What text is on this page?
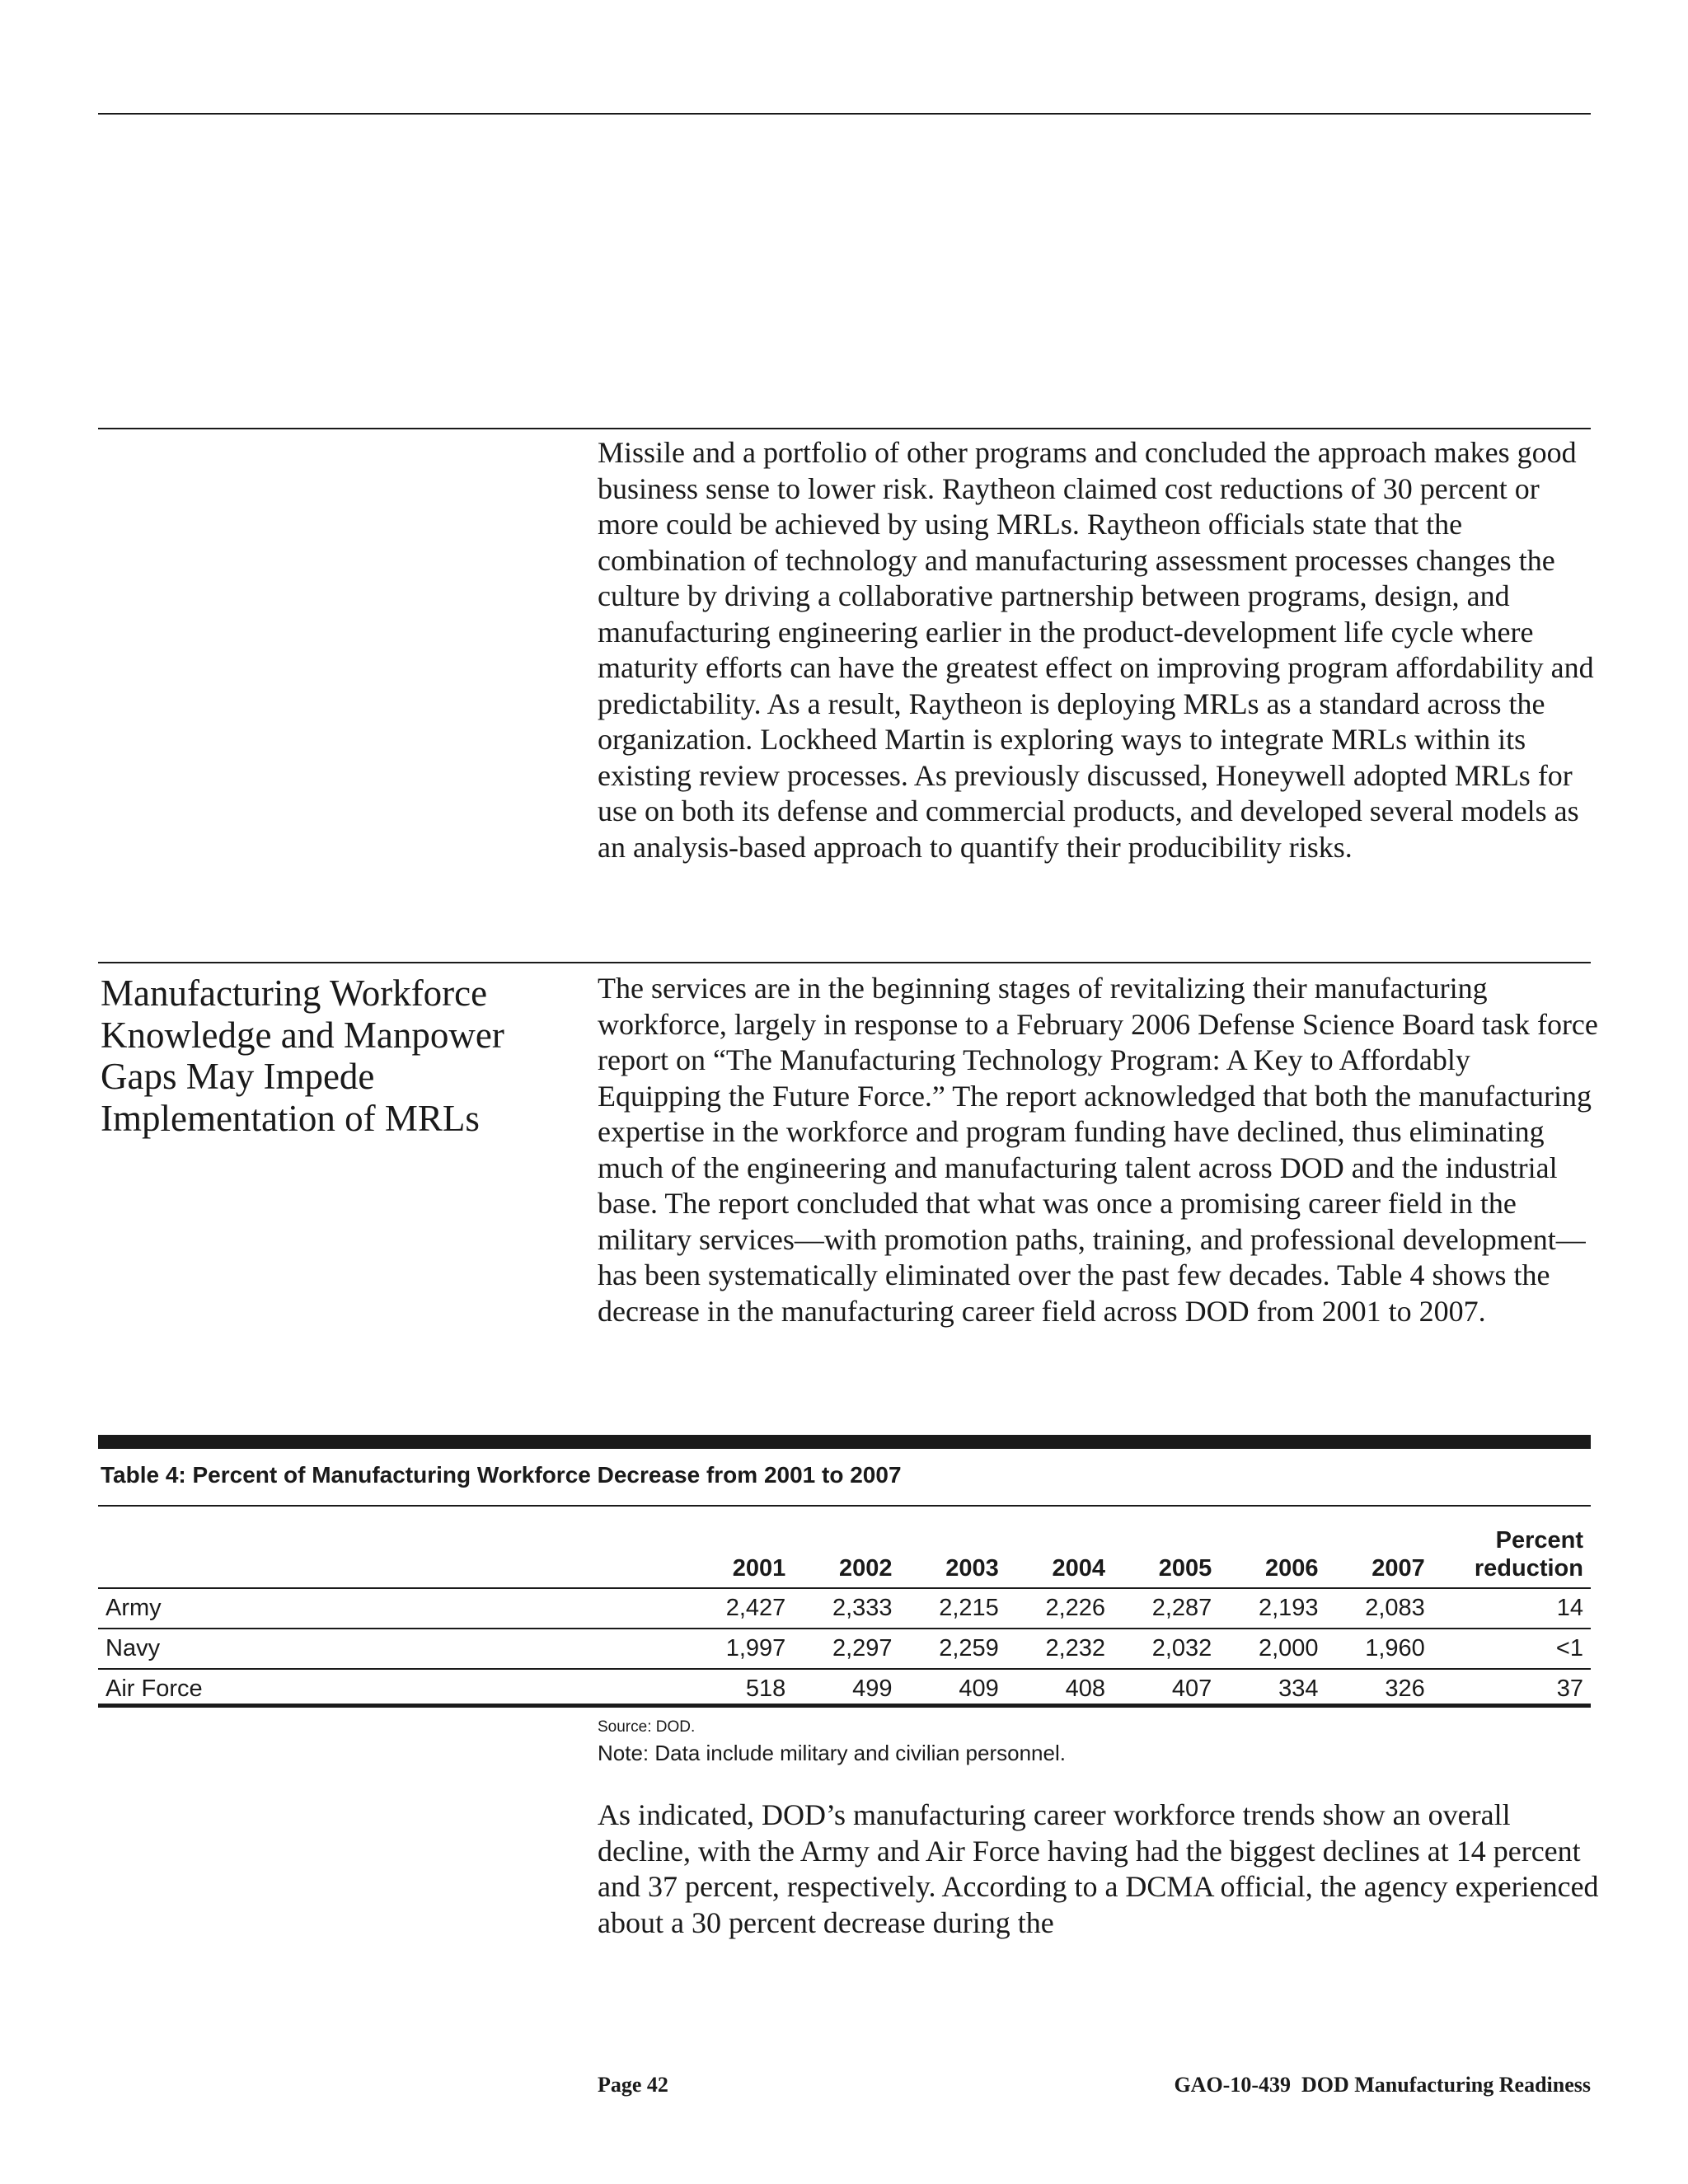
Missile and a portfolio of other programs and concluded the approach makes good business sense to lower risk. Raytheon claimed cost reductions of 30 percent or more could be achieved by using MRLs. Raytheon officials state that the combination of technology and manufacturing assessment processes changes the culture by driving a collaborative partnership between programs, design, and manufacturing engineering earlier in the product-development life cycle where maturity efforts can have the greatest effect on improving program affordability and predictability. As a result, Raytheon is deploying MRLs as a standard across the organization. Lockheed Martin is exploring ways to integrate MRLs within its existing review processes. As previously discussed, Honeywell adopted MRLs for use on both its defense and commercial products, and developed several models as an analysis-based approach to quantify their producibility risks.

Manufacturing Workforce Knowledge and Manpower Gaps May Impede Implementation of MRLs

The services are in the beginning stages of revitalizing their manufacturing workforce, largely in response to a February 2006 Defense Science Board task force report on “The Manufacturing Technology Program: A Key to Affordably Equipping the Future Force.” The report acknowledged that both the manufacturing expertise in the workforce and program funding have declined, thus eliminating much of the engineering and manufacturing talent across DOD and the industrial base. The report concluded that what was once a promising career field in the military services—with promotion paths, training, and professional development—has been systematically eliminated over the past few decades. Table 4 shows the decrease in the manufacturing career field across DOD from 2001 to 2007.

Table 4: Percent of Manufacturing Workforce Decrease from 2001 to 2007

	2001	2002	2003	2004	2005	2006	2007	Percent reduction
Army	2,427	2,333	2,215	2,226	2,287	2,193	2,083	14
Navy	1,997	2,297	2,259	2,232	2,032	2,000	1,960	<1
Air Force	518	499	409	408	407	334	326	37

Source: DOD.

Note: Data include military and civilian personnel.

As indicated, DOD’s manufacturing career workforce trends show an overall decline, with the Army and Air Force having had the biggest declines at 14 percent and 37 percent, respectively. According to a DCMA official, the agency experienced about a 30 percent decrease during the

Page 42	GAO-10-439  DOD Manufacturing Readiness
